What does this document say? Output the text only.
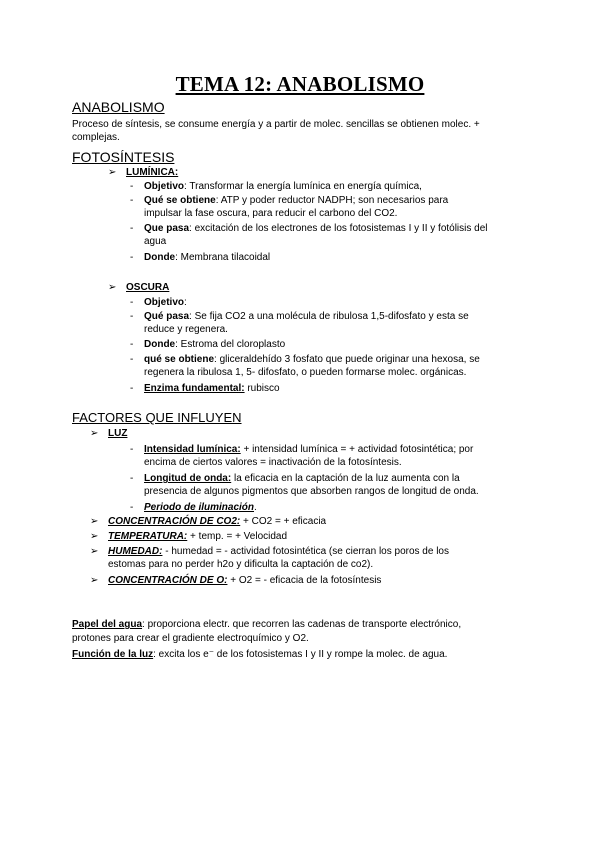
TEMA 12: ANABOLISMO
ANABOLISMO
Proceso de síntesis, se consume energía y a partir de molec. sencillas se obtienen molec. +
complejas.
FOTOSÍNTESIS
➢ LUMÍNICA:
- Objetivo: Transformar la energía lumínica en energía química,
- Qué se obtiene: ATP y poder reductor NADPH; son necesarios para
impulsar la fase oscura, para reducir el carbono del CO2.
- Que pasa: excitación de los electrones de los fotosistemas I y II y fotólisis del
agua
- Donde: Membrana tilacoidal
➢ OSCURA
- Objetivo:
- Qué pasa: Se fija CO2 a una molécula de ribulosa 1,5-difosfato y esta se
reduce y regenera.
- Donde: Estroma del cloroplasto
- qué se obtiene: gliceraldehído 3 fosfato que puede originar una hexosa, se
regenera la ribulosa 1, 5- difosfato, o pueden formarse molec. orgánicas.
- Enzima fundamental: rubisco
FACTORES QUE INFLUYEN
➢ LUZ
- Intensidad lumínica: + intensidad lumínica = + actividad fotosintética; por
encima de ciertos valores = inactivación de la fotosíntesis.
- Longitud de onda: la eficacia en la captación de la luz aumenta con la
presencia de algunos pigmentos que absorben rangos de longitud de onda.
- Periodo de iluminación.
➢ CONCENTRACIÓN DE CO2: + CO2 = + eficacia
➢ TEMPERATURA: + temp. = + Velocidad
➢ HUMEDAD: - humedad = - actividad fotosintética (se cierran los poros de los
estomas para no perder h2o y dificulta la captación de co2).
➢ CONCENTRACIÓN DE O: + O2 = - eficacia de la fotosíntesis
Papel del agua: proporciona electr. que recorren las cadenas de transporte electrónico,
protones para crear el gradiente electroquímico y O2.
Función de la luz: excita los e⁻ de los fotosistemas I y II y rompe la molec. de agua.
